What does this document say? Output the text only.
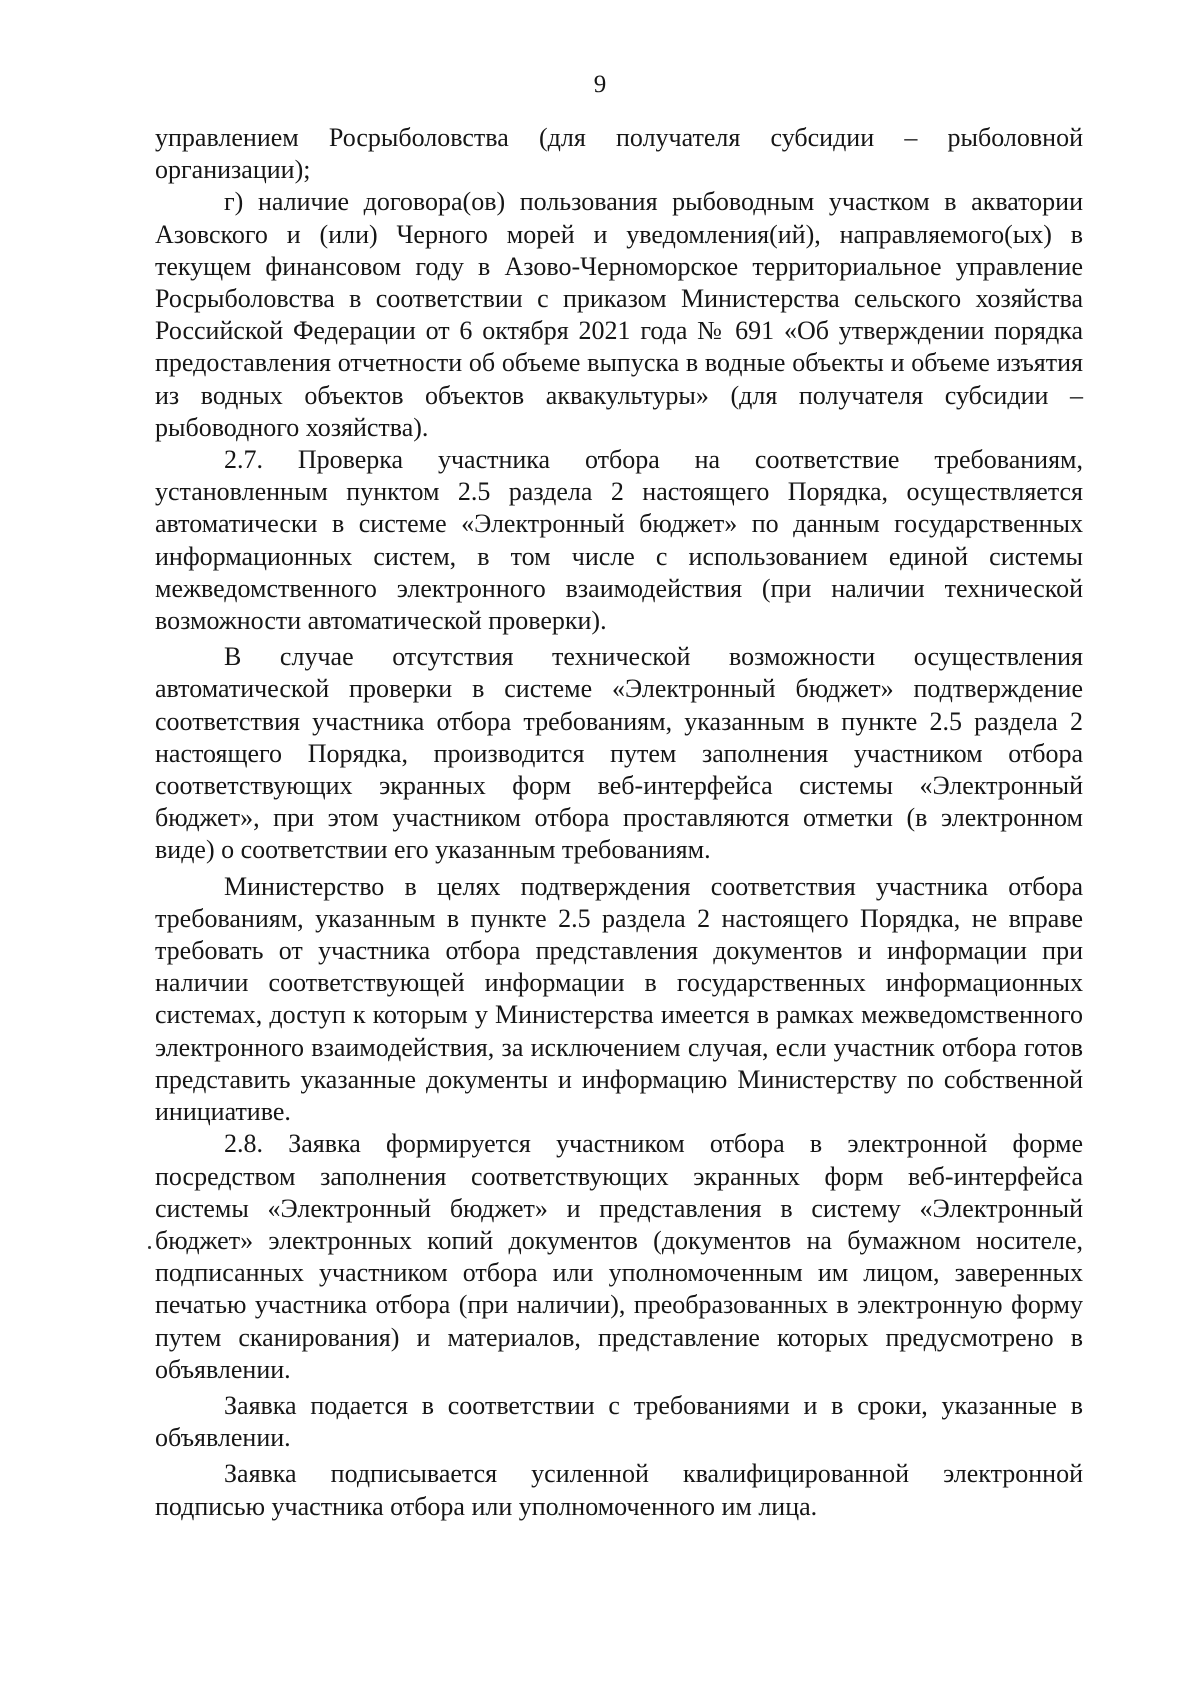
9

управлением Росрыболовства (для получателя субсидии – рыболовной организации);

г) наличие договора(ов) пользования рыбоводным участком в акватории Азовского и (или) Черного морей и уведомления(ий), направляемого(ых) в текущем финансовом году в Азово-Черноморское территориальное управление Росрыболовства в соответствии с приказом Министерства сельского хозяйства Российской Федерации от 6 октября 2021 года № 691 «Об утверждении порядка предоставления отчетности об объеме выпуска в водные объекты и объеме изъятия из водных объектов объектов аквакультуры» (для получателя субсидии – рыбоводного хозяйства).

2.7. Проверка участника отбора на соответствие требованиям, установленным пунктом 2.5 раздела 2 настоящего Порядка, осуществляется автоматически в системе «Электронный бюджет» по данным государственных информационных систем, в том числе с использованием единой системы межведомственного электронного взаимодействия (при наличии технической возможности автоматической проверки).

В случае отсутствия технической возможности осуществления автоматической проверки в системе «Электронный бюджет» подтверждение соответствия участника отбора требованиям, указанным в пункте 2.5 раздела 2 настоящего Порядка, производится путем заполнения участником отбора соответствующих экранных форм веб-интерфейса системы «Электронный бюджет», при этом участником отбора проставляются отметки (в электронном виде) о соответствии его указанным требованиям.

Министерство в целях подтверждения соответствия участника отбора требованиям, указанным в пункте 2.5 раздела 2 настоящего Порядка, не вправе требовать от участника отбора представления документов и информации при наличии соответствующей информации в государственных информационных системах, доступ к которым у Министерства имеется в рамках межведомственного электронного взаимодействия, за исключением случая, если участник отбора готов представить указанные документы и информацию Министерству по собственной инициативе.

2.8. Заявка формируется участником отбора в электронной форме посредством заполнения соответствующих экранных форм веб-интерфейса системы «Электронный бюджет» и представления в систему «Электронный бюджет» электронных копий документов (документов на бумажном носителе, подписанных участником отбора или уполномоченным им лицом, заверенных печатью участника отбора (при наличии), преобразованных в электронную форму путем сканирования) и материалов, представление которых предусмотрено в объявлении.

Заявка подается в соответствии с требованиями и в сроки, указанные в объявлении.

Заявка подписывается усиленной квалифицированной электронной подписью участника отбора или уполномоченного им лица.
